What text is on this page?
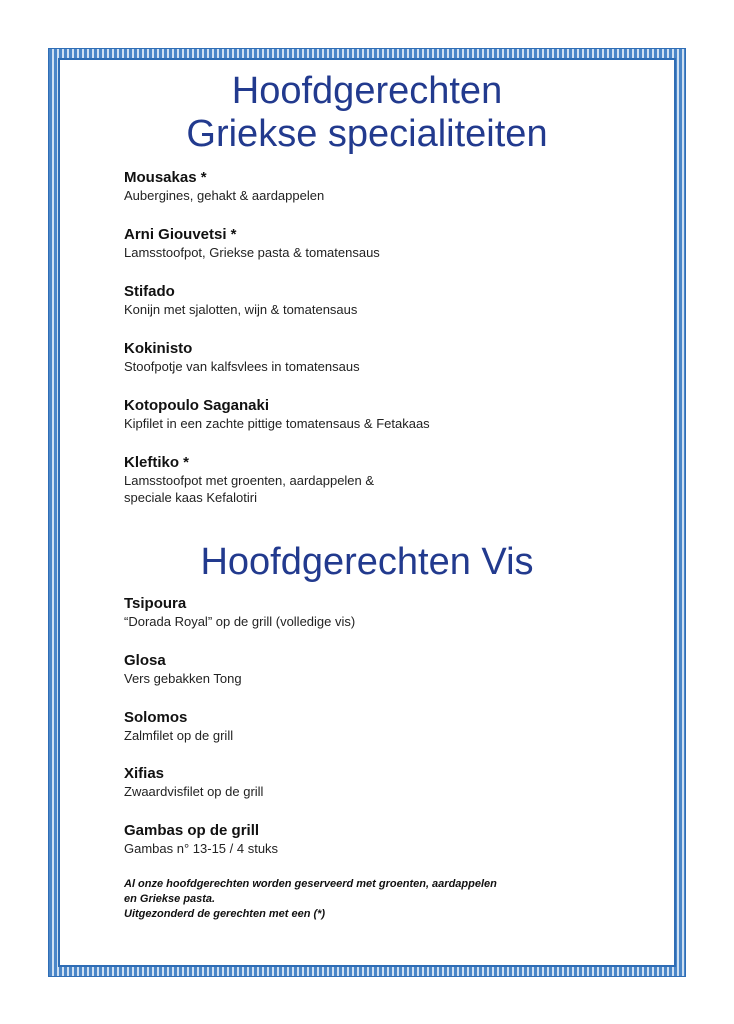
Hoofdgerechten
Griekse specialiteiten

Mousakas *

Aubergines, gehakt & aardappelen

Arni Giouvetsi *

Lamsstoofpot, Griekse pasta & tomatensaus

Stifado

Konijn met sjalotten, wijn & tomatensaus

Kokinisto

Stoofpotje van kalfsvlees in tomatensaus

Kotopoulo Saganaki

Kipfilet in een zachte pittige tomatensaus & Fetakaas

Kleftiko *

Lamsstoofpot met groenten, aardappelen &

speciale kaas Kefalotiri

Hoofdgerechten Vis

Tsipoura

“Dorada Royal” op de grill (volledige vis)

Glosa

Vers gebakken Tong

Solomos

Zalmfilet op de grill

Xifias

Zwaardvisfilet op de grill

Gambas op de grill

Gambas n° 13-15 / 4 stuks

Al onze hoofdgerechten worden geserveerd met groenten, aardappelen

en Griekse pasta.

Uitgezonderd de gerechten met een (*)
